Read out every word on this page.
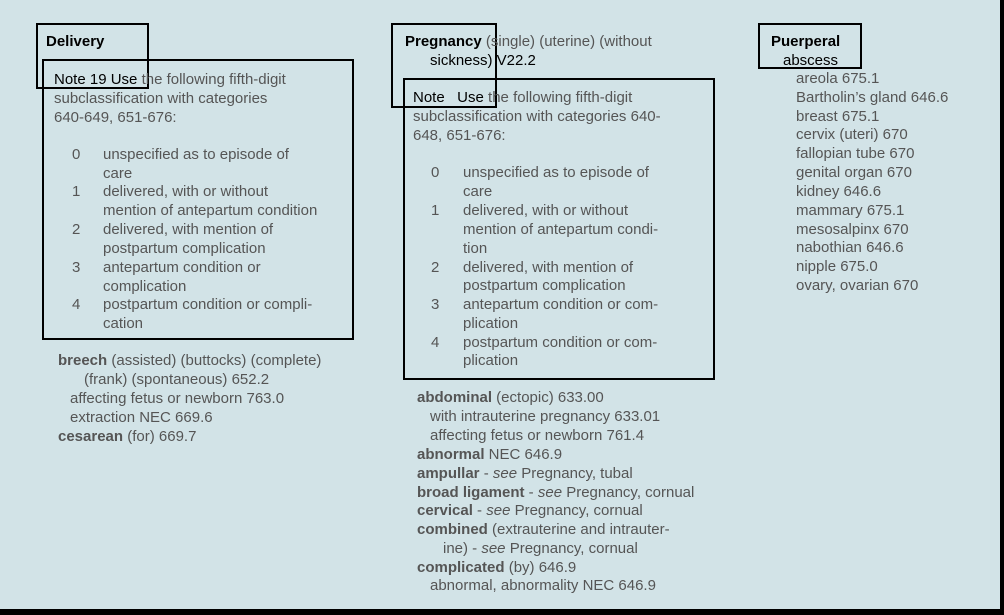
Delivery
Note 19 Use the following fifth-digit
subclassification with categories
640-649, 651-676:
0 unspecified as to episode of
care
1 delivered, with or without
mention of antepartum condition
2 delivered, with mention of
postpartum complication
3 antepartum condition or
complication
4 postpartum condition or compli-
cation
breech (assisted) (buttocks) (complete)
(frank) (spontaneous) 652.2
affecting fetus or newborn 763.0
extraction NEC 669.6
cesarean (for) 669.7
Pregnancy (single) (uterine) (without
sickness) V22.2
Note   Use the following fifth-digit
subclassification with categories 640-
648, 651-676:
0 unspecified as to episode of
care
1 delivered, with or without
mention of antepartum condi-
tion
2 delivered, with mention of
postpartum complication
3 antepartum condition or com-
plication
4 postpartum condition or com-
plication
abdominal (ectopic) 633.00
with intrauterine pregnancy 633.01
affecting fetus or newborn 761.4
abnormal NEC 646.9
ampullar - see Pregnancy, tubal
broad ligament - see Pregnancy, cornual
cervical - see Pregnancy, cornual
combined (extrauterine and intrauter-
ine) - see Pregnancy, cornual
complicated (by) 646.9
abnormal, abnormality NEC 646.9
Puerperal
abscess
areola 675.1
Bartholin’s gland 646.6
breast 675.1
cervix (uteri) 670
fallopian tube 670
genital organ 670
kidney 646.6
mammary 675.1
mesosalpinx 670
nabothian 646.6
nipple 675.0
ovary, ovarian 670
